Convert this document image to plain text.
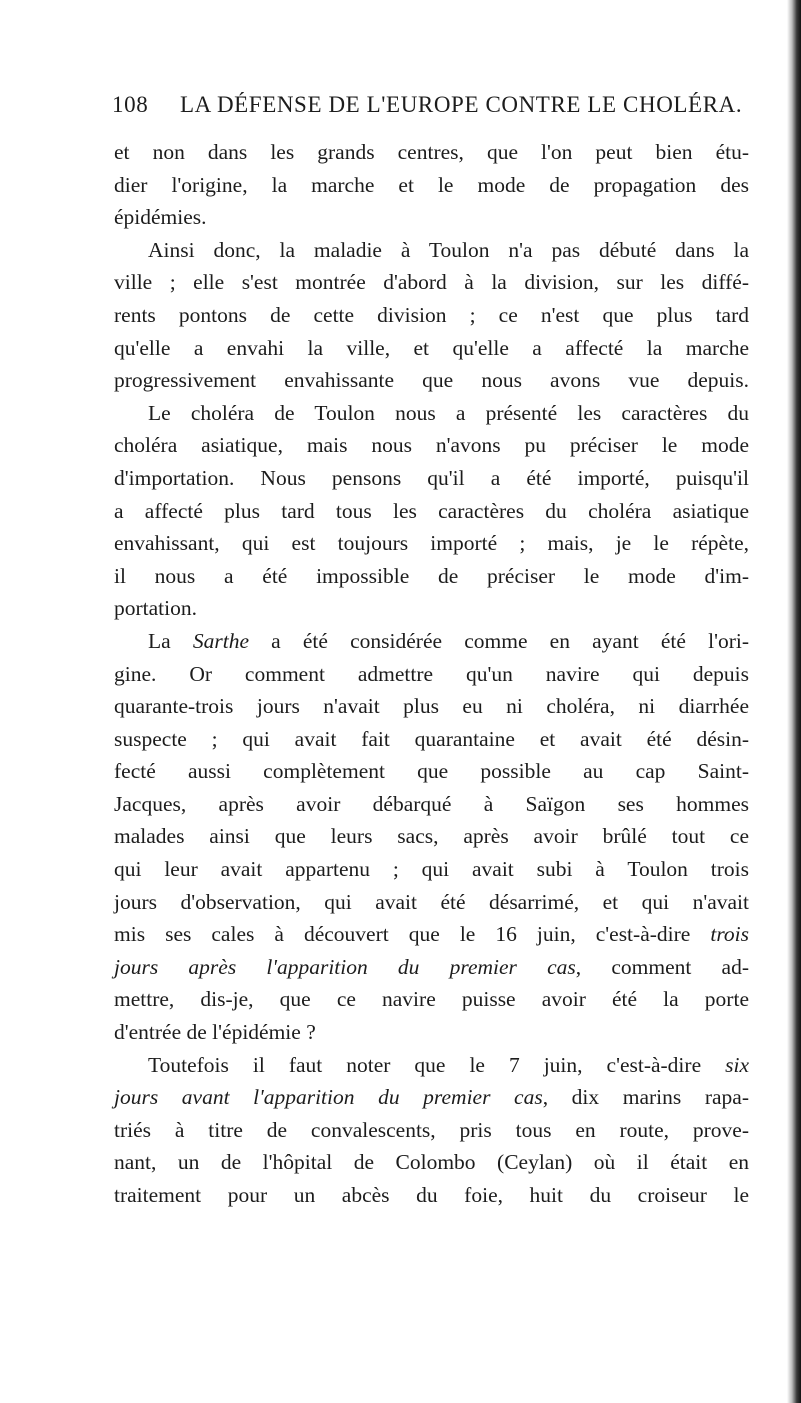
108 LA DÉFENSE DE L'EUROPE CONTRE LE CHOLÉRA.
et non dans les grands centres, que l'on peut bien étu-
dier l'origine, la marche et le mode de propagation des
épidémies.
Ainsi donc, la maladie à Toulon n'a pas débuté dans la
ville ; elle s'est montrée d'abord à la division, sur les diffé-
rents pontons de cette division ; ce n'est que plus tard
qu'elle a envahi la ville, et qu'elle a affecté la marche
progressivement envahissante que nous avons vue depuis.
Le choléra de Toulon nous a présenté les caractères du
choléra asiatique, mais nous n'avons pu préciser le mode
d'importation. Nous pensons qu'il a été importé, puisqu'il
a affecté plus tard tous les caractères du choléra asiatique
envahissant, qui est toujours importé ; mais, je le répète,
il nous a été impossible de préciser le mode d'im-
portation.
La Sarthe a été considérée comme en ayant été l'ori-
gine. Or comment admettre qu'un navire qui depuis
quarante-trois jours n'avait plus eu ni choléra, ni diarrhée
suspecte ; qui avait fait quarantaine et avait été désin-
fecté aussi complètement que possible au cap Saint-
Jacques, après avoir débarqué à Saïgon ses hommes
malades ainsi que leurs sacs, après avoir brûlé tout ce
qui leur avait appartenu ; qui avait subi à Toulon trois
jours d'observation, qui avait été désarrimé, et qui n'avait
mis ses cales à découvert que le 16 juin, c'est-à-dire trois
jours après l'apparition du premier cas, comment ad-
mettre, dis-je, que ce navire puisse avoir été la porte
d'entrée de l'épidémie ?
Toutefois il faut noter que le 7 juin, c'est-à-dire six
jours avant l'apparition du premier cas, dix marins rapa-
triés à titre de convalescents, pris tous en route, prove-
nant, un de l'hôpital de Colombo (Ceylan) où il était en
traitement pour un abcès du foie, huit du croiseur le
